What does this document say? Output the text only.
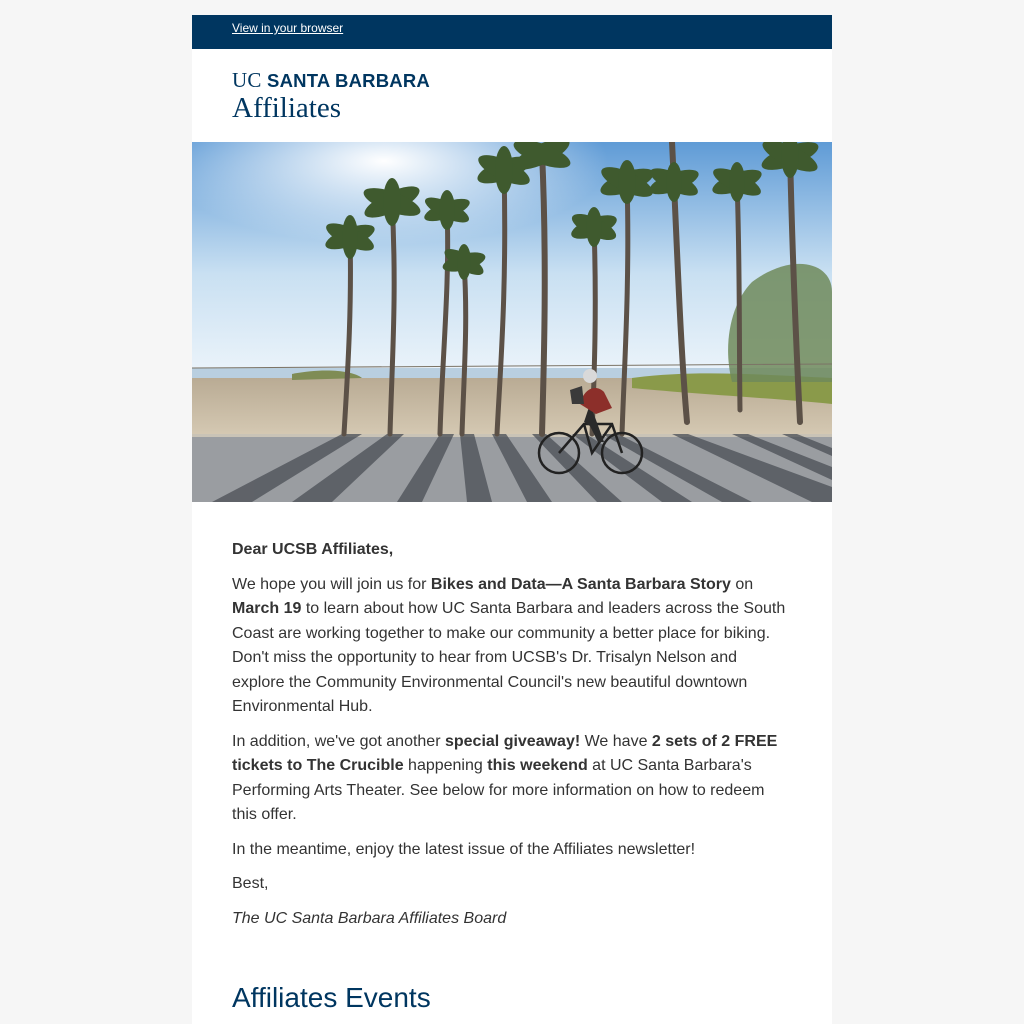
View in your browser
UC SANTA BARBARA
Affiliates

Dear UCSB Affiliates,

We hope you will join us for Bikes and Data—A Santa Barbara Story on March 19 to learn about how UC Santa Barbara and leaders across the South Coast are working together to make our community a better place for biking. Don't miss the opportunity to hear from UCSB's Dr. Trisalyn Nelson and explore the Community Environmental Council's new beautiful downtown Environmental Hub.

In addition, we've got another special giveaway! We have 2 sets of 2 FREE tickets to The Crucible happening this weekend at UC Santa Barbara's Performing Arts Theater. See below for more information on how to redeem this offer.

In the meantime, enjoy the latest issue of the Affiliates newsletter!

Best,

The UC Santa Barbara Affiliates Board

Affiliates Events
